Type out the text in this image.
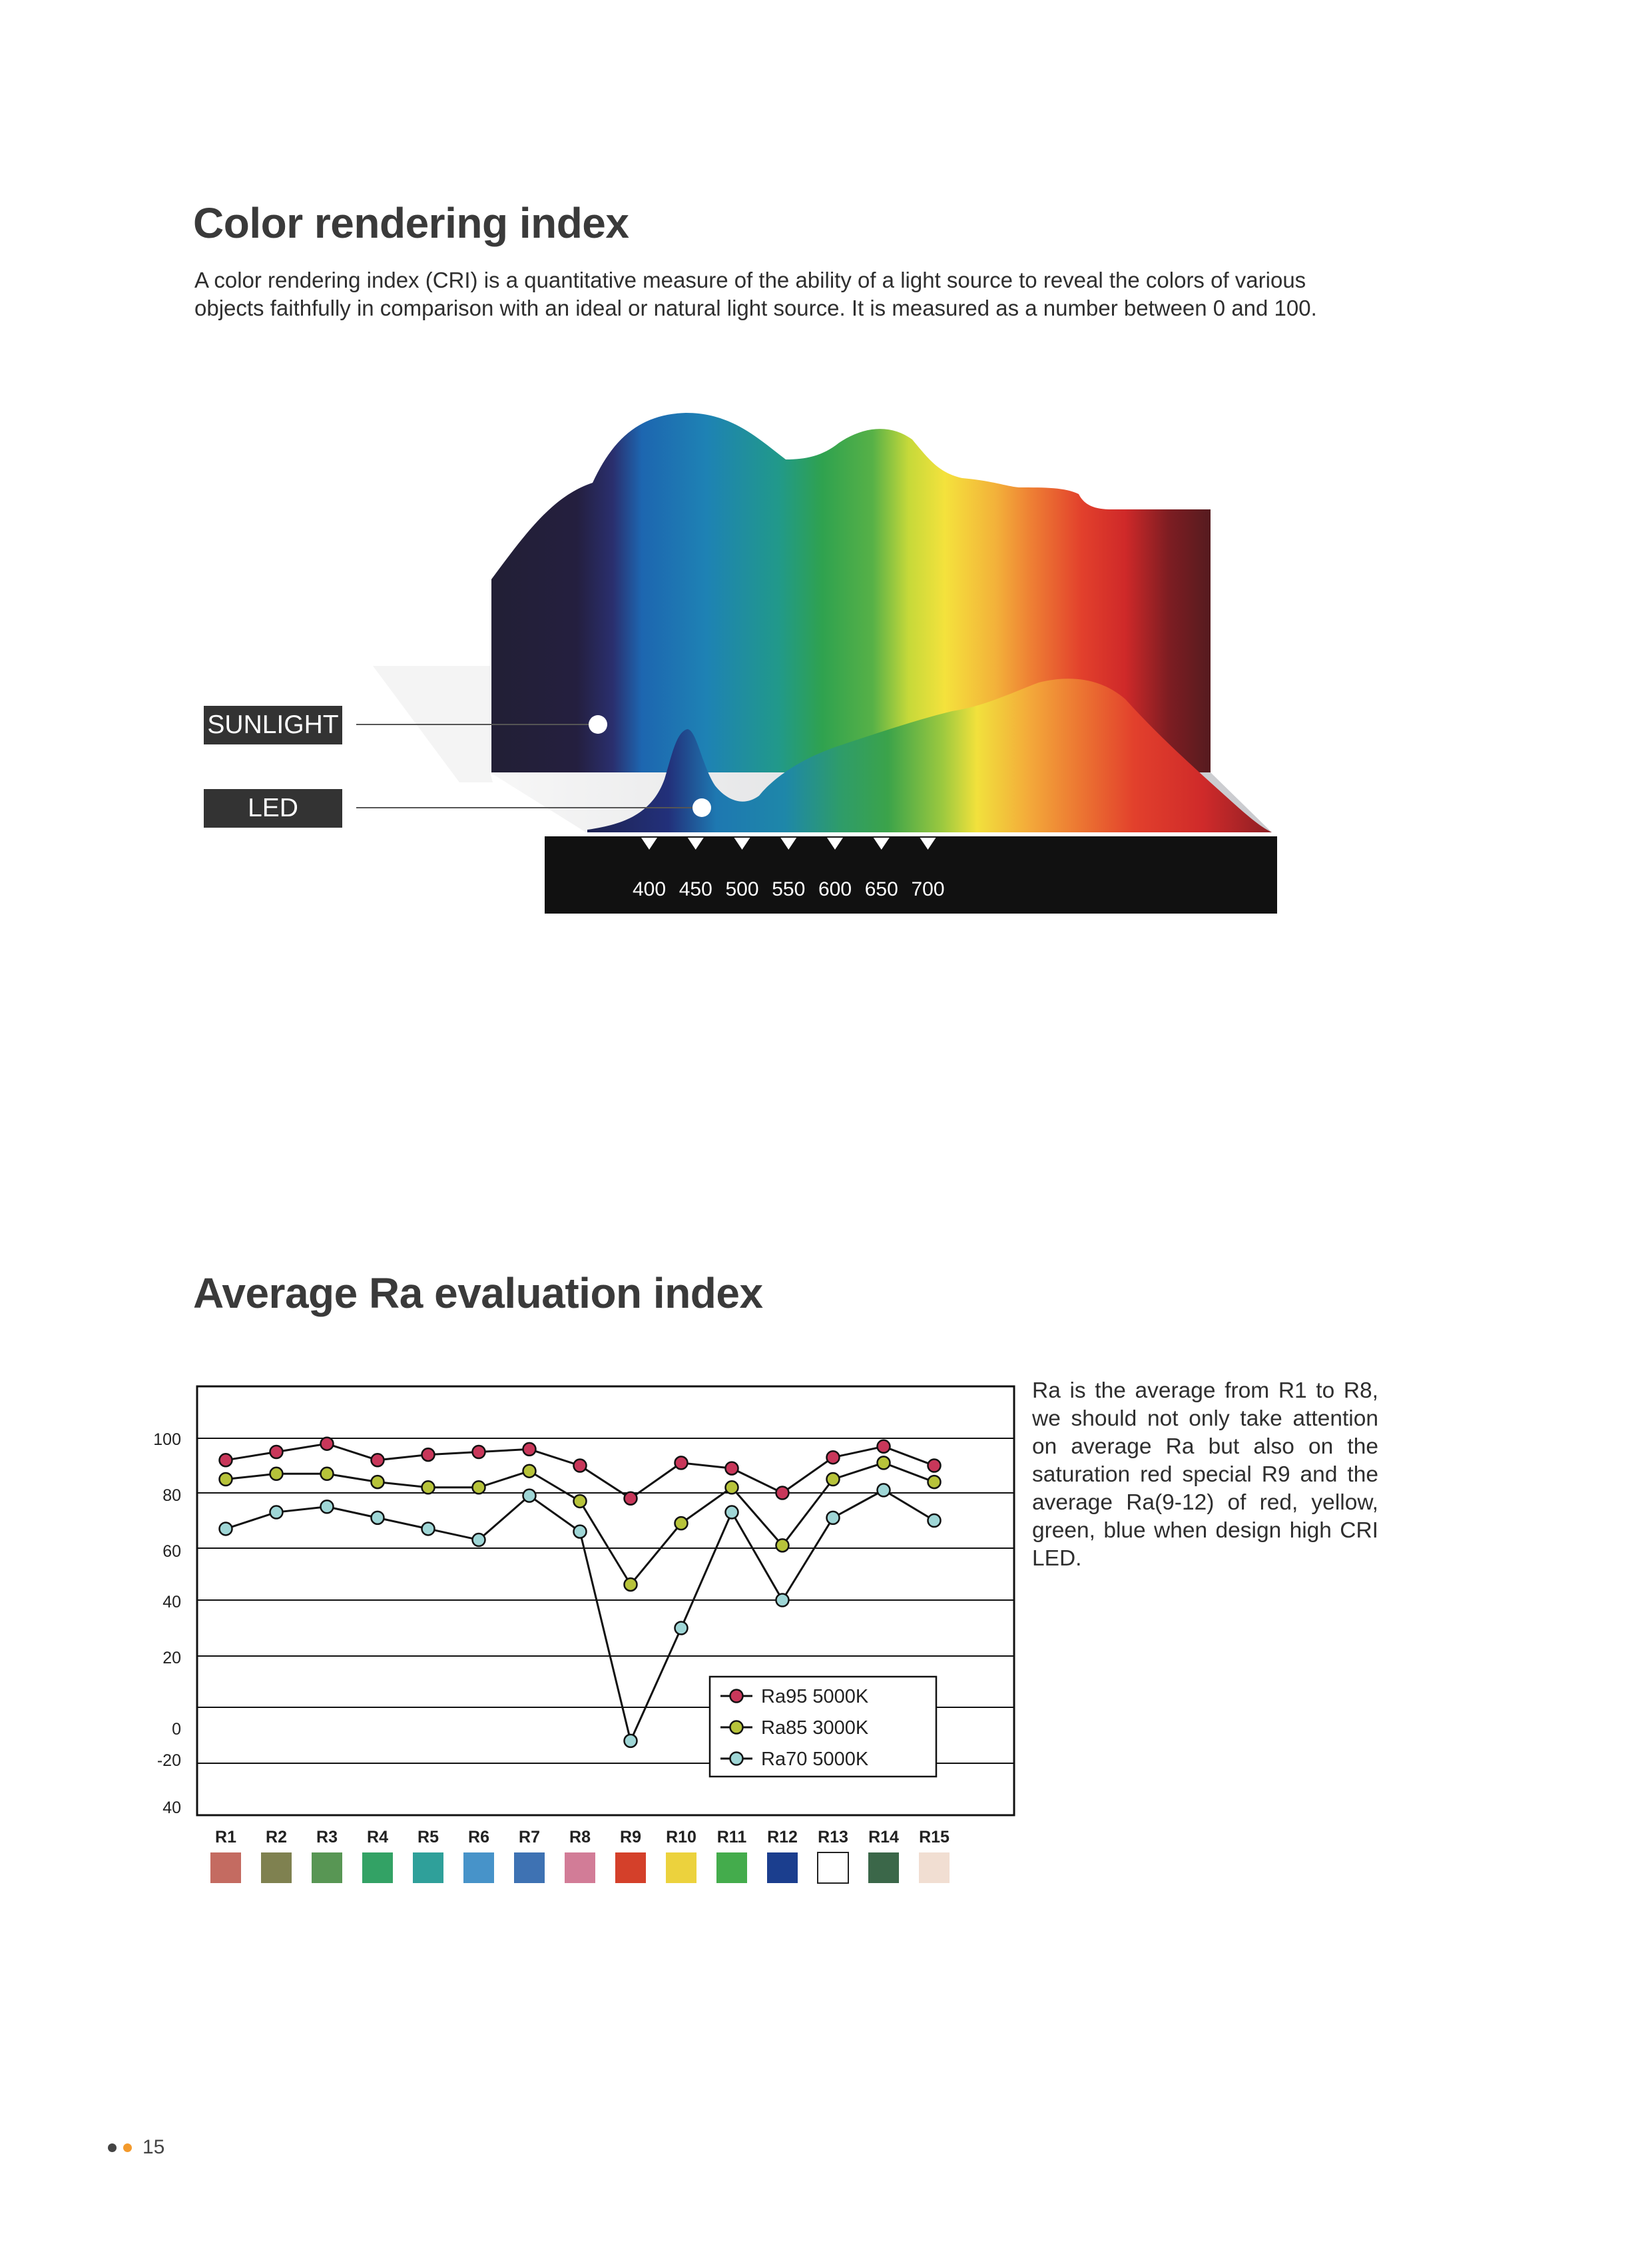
Color rendering index
A color rendering index (CRI) is a quantitative measure of the ability of a light source to reveal the colors of various objects faithfully in comparison with an ideal or natural light source. It is measured as a number between 0 and 100.
400 450 500 550 600 650 700
SUNLIGHT
LED
Average Ra evaluation index
Ra is the average from R1 to R8, we should not only take attention on average Ra but also on the saturation red special R9 and the average Ra(9-12) of red, yellow, green, blue when design high CRI LED.
100
80
60
40
20
0
-20
40
R1 R2 R3 R4 R5 R6 R7 R8 R9 R10 R11 R12 R13 R14 R15
Ra95 5000K
Ra85 3000K
Ra70 5000K
15
